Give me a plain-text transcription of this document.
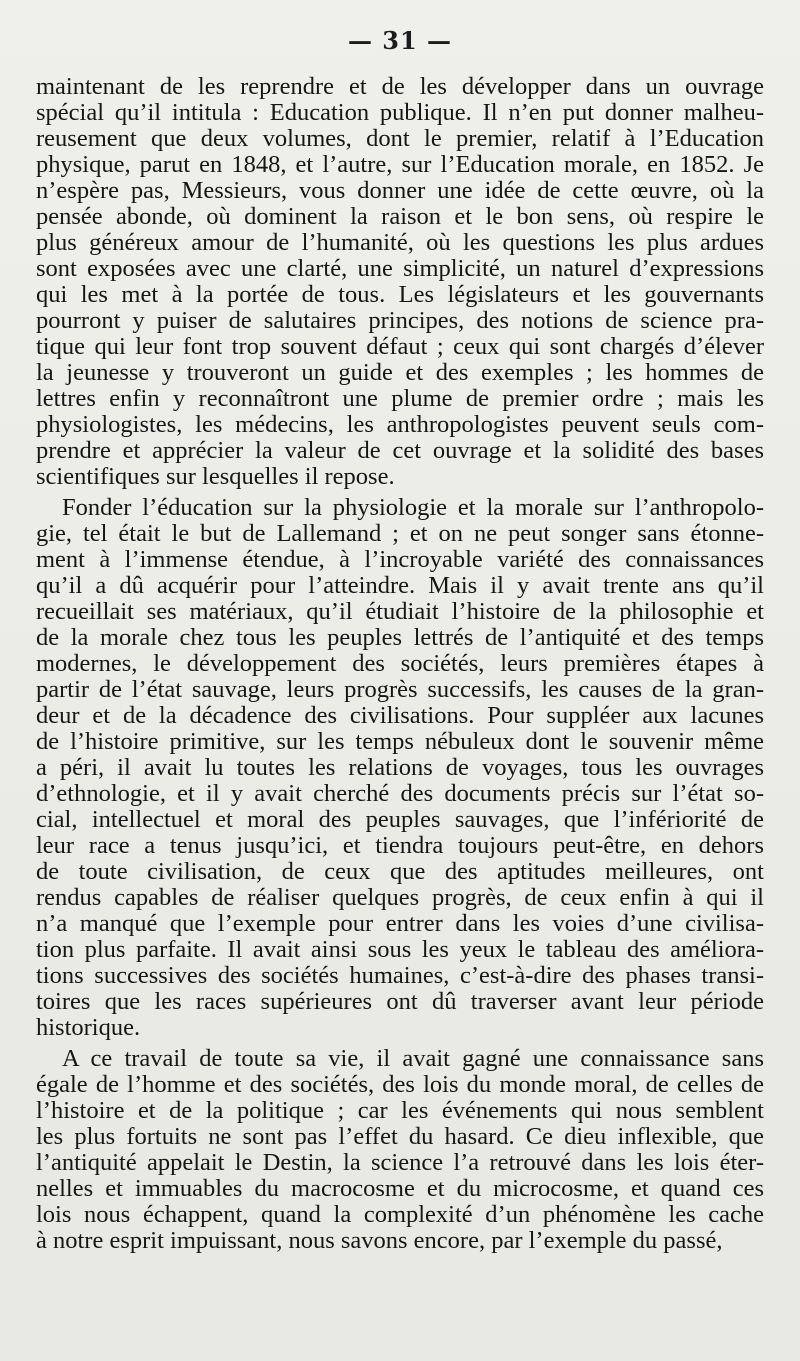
— 31 —
maintenant de les reprendre et de les développer dans un ouvrage
spécial qu’il intitula : Education publique. Il n’en put donner malheu-
reusement que deux volumes, dont le premier, relatif à l’Education
physique, parut en 1848, et l’autre, sur l’Education morale, en 1852. Je
n’espère pas, Messieurs, vous donner une idée de cette œuvre, où la
pensée abonde, où dominent la raison et le bon sens, où respire le
plus généreux amour de l’humanité, où les questions les plus ardues
sont exposées avec une clarté, une simplicité, un naturel d’expressions
qui les met à la portée de tous. Les législateurs et les gouvernants
pourront y puiser de salutaires principes, des notions de science pra-
tique qui leur font trop souvent défaut ; ceux qui sont chargés d’élever
la jeunesse y trouveront un guide et des exemples ; les hommes de
lettres enfin y reconnaîtront une plume de premier ordre ; mais les
physiologistes, les médecins, les anthropologistes peuvent seuls com-
prendre et apprécier la valeur de cet ouvrage et la solidité des bases
scientifiques sur lesquelles il repose.
Fonder l’éducation sur la physiologie et la morale sur l’anthropolo-
gie, tel était le but de Lallemand ; et on ne peut songer sans étonne-
ment à l’immense étendue, à l’incroyable variété des connaissances
qu’il a dû acquérir pour l’atteindre. Mais il y avait trente ans qu’il
recueillait ses matériaux, qu’il étudiait l’histoire de la philosophie et
de la morale chez tous les peuples lettrés de l’antiquité et des temps
modernes, le développement des sociétés, leurs premières étapes à
partir de l’état sauvage, leurs progrès successifs, les causes de la gran-
deur et de la décadence des civilisations. Pour suppléer aux lacunes
de l’histoire primitive, sur les temps nébuleux dont le souvenir même
a péri, il avait lu toutes les relations de voyages, tous les ouvrages
d’ethnologie, et il y avait cherché des documents précis sur l’état so-
cial, intellectuel et moral des peuples sauvages, que l’infériorité de
leur race a tenus jusqu’ici, et tiendra toujours peut-être, en dehors
de toute civilisation, de ceux que des aptitudes meilleures, ont
rendus capables de réaliser quelques progrès, de ceux enfin à qui il
n’a manqué que l’exemple pour entrer dans les voies d’une civilisa-
tion plus parfaite. Il avait ainsi sous les yeux le tableau des améliora-
tions successives des sociétés humaines, c’est-à-dire des phases transi-
toires que les races supérieures ont dû traverser avant leur période
historique.
A ce travail de toute sa vie, il avait gagné une connaissance sans
égale de l’homme et des sociétés, des lois du monde moral, de celles de
l’histoire et de la politique ; car les événements qui nous semblent
les plus fortuits ne sont pas l’effet du hasard. Ce dieu inflexible, que
l’antiquité appelait le Destin, la science l’a retrouvé dans les lois éter-
nelles et immuables du macrocosme et du microcosme, et quand ces
lois nous échappent, quand la complexité d’un phénomène les cache
à notre esprit impuissant, nous savons encore, par l’exemple du passé,
